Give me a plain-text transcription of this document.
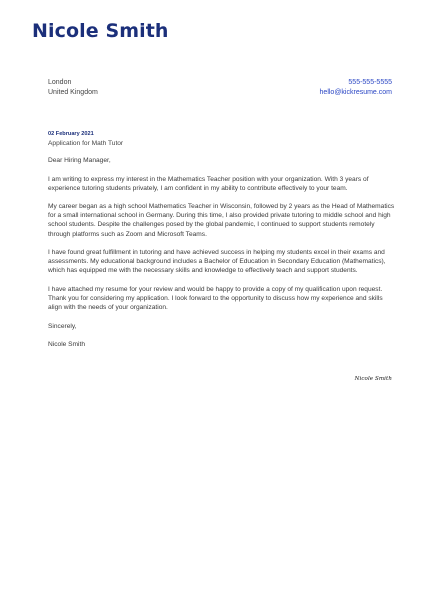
Nicole Smith
London
United Kingdom
555-555-5555
hello@kickresume.com
02 February 2021
Application for Math Tutor

Dear Hiring Manager,

I am writing to express my interest in the Mathematics Teacher position with your organization. With 3 years of experience tutoring students privately, I am confident in my ability to contribute effectively to your team.

My career began as a high school Mathematics Teacher in Wisconsin, followed by 2 years as the Head of Mathematics for a small international school in Germany. During this time, I also provided private tutoring to middle school and high school students. Despite the challenges posed by the global pandemic, I continued to support students remotely through platforms such as Zoom and Microsoft Teams.

I have found great fulfillment in tutoring and have achieved success in helping my students excel in their exams and assessments. My educational background includes a Bachelor of Education in Secondary Education (Mathematics), which has equipped me with the necessary skills and knowledge to effectively teach and support students.

I have attached my resume for your review and would be happy to provide a copy of my qualification upon request. Thank you for considering my application. I look forward to the opportunity to discuss how my experience and skills align with the needs of your organization.

Sincerely,

Nicole Smith

Nicole Smith
